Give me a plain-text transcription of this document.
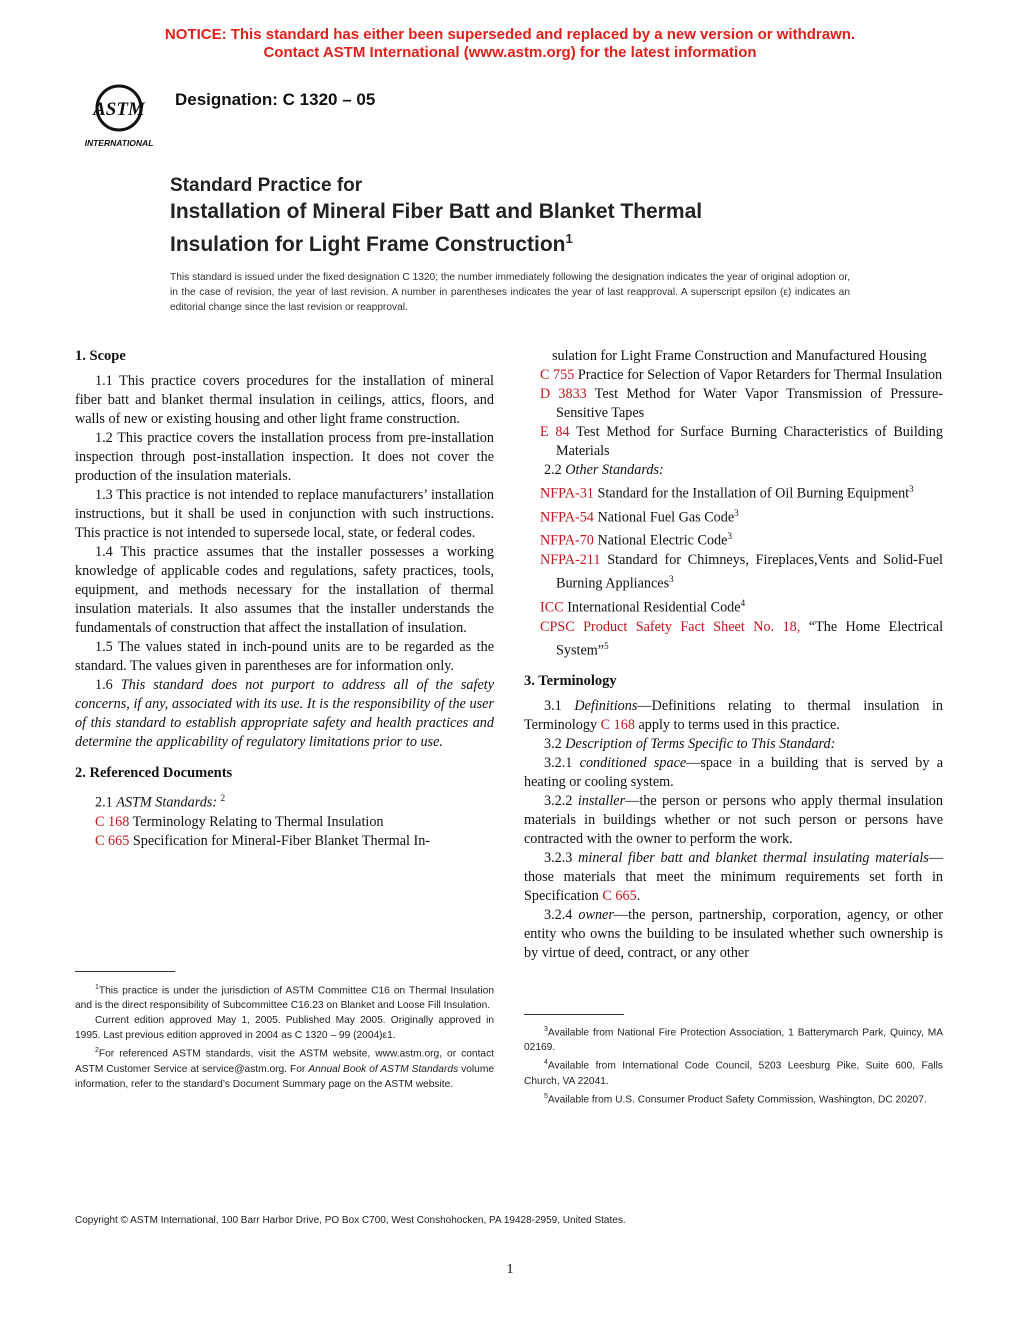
NOTICE: This standard has either been superseded and replaced by a new version or withdrawn.
Contact ASTM International (www.astm.org) for the latest information
ASTM
INTERNATIONAL
Designation: C 1320 – 05
Standard Practice for
Installation of Mineral Fiber Batt and Blanket Thermal
Insulation for Light Frame Construction$^1$
This standard is issued under the fixed designation C 1320; the number immediately following the designation indicates the year of original adoption or, in the case of revision, the year of last revision. A number in parentheses indicates the year of last reapproval. A superscript epsilon (ε) indicates an editorial change since the last revision or reapproval.

1. Scope

1.1 This practice covers procedures for the installation of mineral fiber batt and blanket thermal insulation in ceilings, attics, floors, and walls of new or existing housing and other light frame construction.

1.2 This practice covers the installation process from pre-installation inspection through post-installation inspection. It does not cover the production of the insulation materials.

1.3 This practice is not intended to replace manufacturers’ installation instructions, but it shall be used in conjunction with such instructions. This practice is not intended to supersede local, state, or federal codes.

1.4 This practice assumes that the installer possesses a working knowledge of applicable codes and regulations, safety practices, tools, equipment, and methods necessary for the installation of thermal insulation materials. It also assumes that the installer understands the fundamentals of construction that affect the installation of insulation.

1.5 The values stated in inch-pound units are to be regarded as the standard. The values given in parentheses are for information only.

1.6 This standard does not purport to address all of the safety concerns, if any, associated with its use. It is the responsibility of the user of this standard to establish appropriate safety and health practices and determine the applicability of regulatory limitations prior to use.

2. Referenced Documents

2.1 ASTM Standards: $^2$

C 168 Terminology Relating to Thermal Insulation

C 665 Specification for Mineral-Fiber Blanket Thermal In-

$^1$This practice is under the jurisdiction of ASTM Committee C16 on Thermal Insulation and is the direct responsibility of Subcommittee C16.23 on Blanket and Loose Fill Insulation.

Current edition approved May 1, 2005. Published May 2005. Originally approved in 1995. Last previous edition approved in 2004 as C 1320 – 99 (2004)ε1.

$^2$For referenced ASTM standards, visit the ASTM website, www.astm.org, or contact ASTM Customer Service at service@astm.org. For Annual Book of ASTM Standards volume information, refer to the standard’s Document Summary page on the ASTM website.

sulation for Light Frame Construction and Manufactured Housing

C 755 Practice for Selection of Vapor Retarders for Thermal Insulation

D 3833 Test Method for Water Vapor Transmission of Pressure-Sensitive Tapes

E 84 Test Method for Surface Burning Characteristics of Building Materials

2.2 Other Standards:

NFPA-31 Standard for the Installation of Oil Burning Equipment$^3$

NFPA-54 National Fuel Gas Code$^3$

NFPA-70 National Electric Code$^3$

NFPA-211 Standard for Chimneys, Fireplaces,Vents and Solid-Fuel Burning Appliances$^3$

ICC International Residential Code$^4$

CPSC Product Safety Fact Sheet No. 18, “The Home Electrical System”$^5$

3. Terminology

3.1 Definitions—Definitions relating to thermal insulation in Terminology C 168 apply to terms used in this practice.

3.2 Description of Terms Specific to This Standard:

3.2.1 conditioned space—space in a building that is served by a heating or cooling system.

3.2.2 installer—the person or persons who apply thermal insulation materials in buildings whether or not such person or persons have contracted with the owner to perform the work.

3.2.3 mineral fiber batt and blanket thermal insulating materials—those materials that meet the minimum requirements set forth in Specification C 665.

3.2.4 owner—the person, partnership, corporation, agency, or other entity who owns the building to be insulated whether such ownership is by virtue of deed, contract, or any other

$^3$Available from National Fire Protection Association, 1 Batterymarch Park, Quincy, MA 02169.

$^4$Available from International Code Council, 5203 Leesburg Pike, Suite 600, Falls Church, VA 22041.

$^5$Available from U.S. Consumer Product Safety Commission, Washington, DC 20207.

Copyright © ASTM International, 100 Barr Harbor Drive, PO Box C700, West Conshohocken, PA 19428-2959, United States.
1
